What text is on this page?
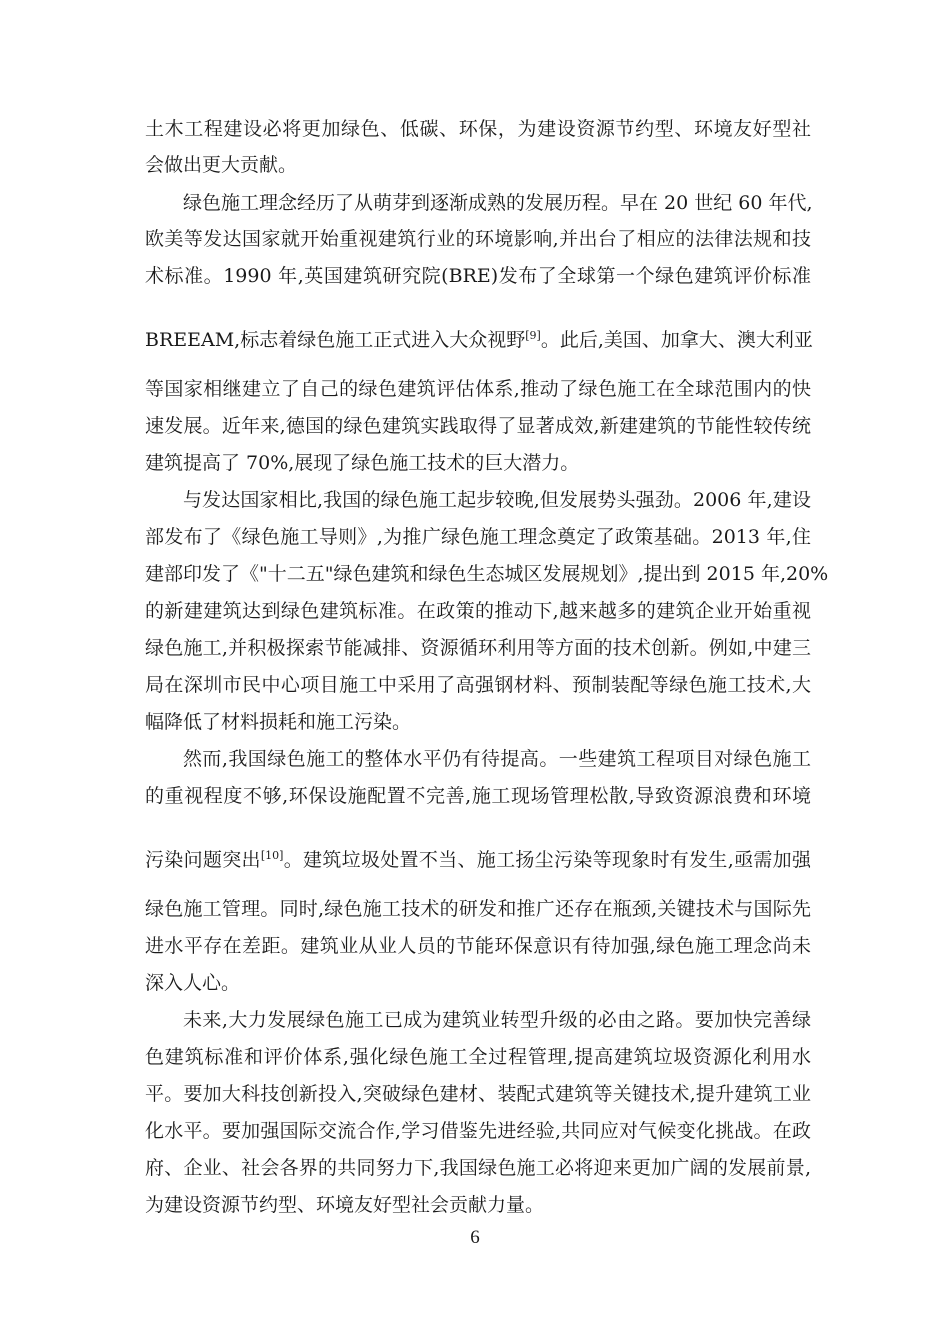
土木工程建设必将更加绿色、低碳、环保，为建设资源节约型、环境友好型社
会做出更大贡献。
绿色施工理念经历了从萌芽到逐渐成熟的发展历程。早在 20 世纪 60 年代,
欧美等发达国家就开始重视建筑行业的环境影响,并出台了相应的法律法规和技
术标准。1990 年,英国建筑研究院(BRE)发布了全球第一个绿色建筑评价标准
BREEAM,标志着绿色施工正式进入大众视野[9]。此后,美国、加拿大、澳大利亚
等国家相继建立了自己的绿色建筑评估体系,推动了绿色施工在全球范围内的快
速发展。近年来,德国的绿色建筑实践取得了显著成效,新建建筑的节能性较传统
建筑提高了 70%,展现了绿色施工技术的巨大潜力。
与发达国家相比,我国的绿色施工起步较晚,但发展势头强劲。2006 年,建设
部发布了《绿色施工导则》,为推广绿色施工理念奠定了政策基础。2013 年,住
建部印发了《"十二五"绿色建筑和绿色生态城区发展规划》,提出到 2015 年,20%
的新建建筑达到绿色建筑标准。在政策的推动下,越来越多的建筑企业开始重视
绿色施工,并积极探索节能减排、资源循环利用等方面的技术创新。例如,中建三
局在深圳市民中心项目施工中采用了高强钢材料、预制装配等绿色施工技术,大
幅降低了材料损耗和施工污染。
然而,我国绿色施工的整体水平仍有待提高。一些建筑工程项目对绿色施工
的重视程度不够,环保设施配置不完善,施工现场管理松散,导致资源浪费和环境
污染问题突出[10]。建筑垃圾处置不当、施工扬尘污染等现象时有发生,亟需加强
绿色施工管理。同时,绿色施工技术的研发和推广还存在瓶颈,关键技术与国际先
进水平存在差距。建筑业从业人员的节能环保意识有待加强,绿色施工理念尚未
深入人心。
未来,大力发展绿色施工已成为建筑业转型升级的必由之路。要加快完善绿
色建筑标准和评价体系,强化绿色施工全过程管理,提高建筑垃圾资源化利用水
平。要加大科技创新投入,突破绿色建材、装配式建筑等关键技术,提升建筑工业
化水平。要加强国际交流合作,学习借鉴先进经验,共同应对气候变化挑战。在政
府、企业、社会各界的共同努力下,我国绿色施工必将迎来更加广阔的发展前景,
为建设资源节约型、环境友好型社会贡献力量。
6
